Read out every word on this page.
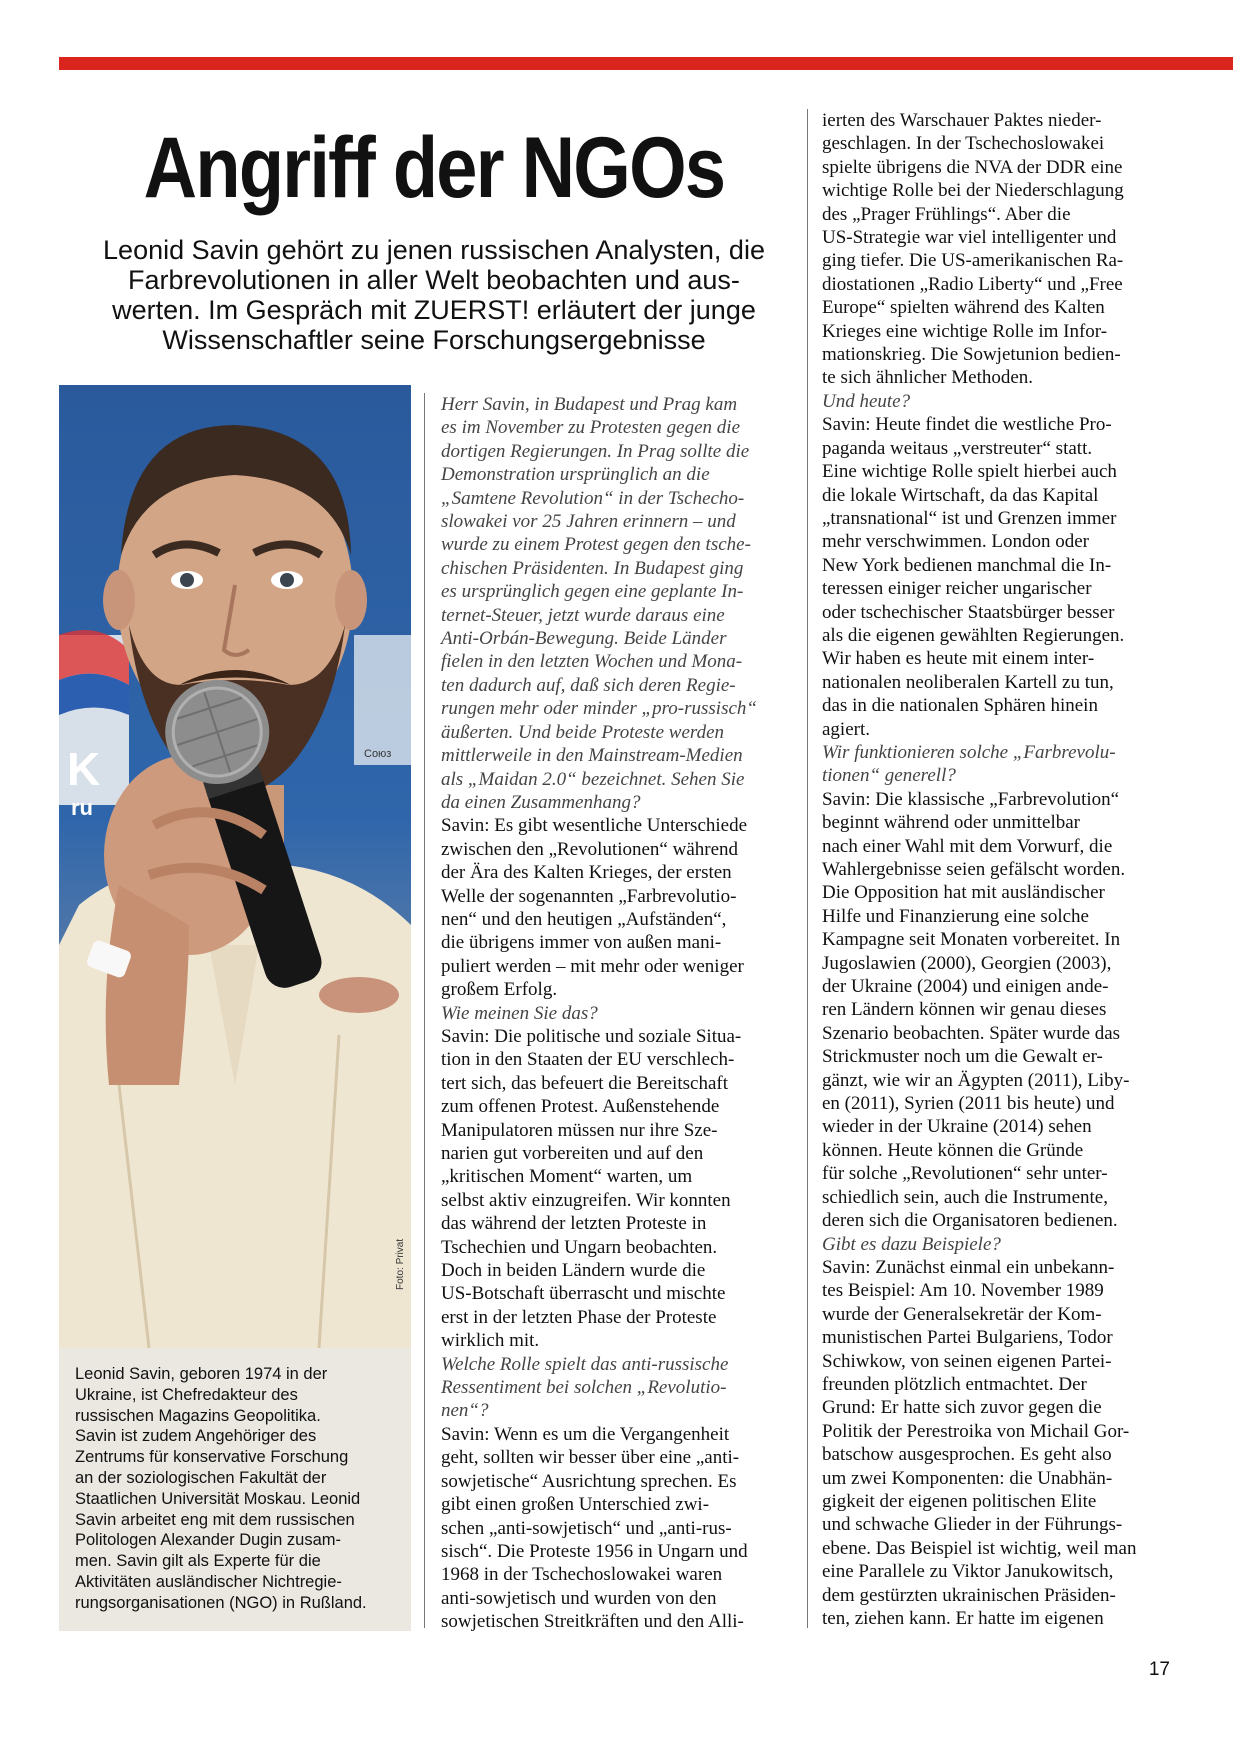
Angriff der NGOs

Leonid Savin gehört zu jenen russischen Analysten, die
Farbrevolutionen in aller Welt beobachten und aus-
werten. Im Gespräch mit ZUERST! erläutert der junge
Wissenschaftler seine Forschungsergebnisse

K
ru
Союз
Foto: Privat
Leonid Savin, geboren 1974 in der
Ukraine, ist Chefredakteur des
russischen Magazins Geopolitika.
Savin ist zudem Angehöriger des
Zentrums für konservative Forschung
an der soziologischen Fakultät der
Staatlichen Universität Moskau. Leonid
Savin arbeitet eng mit dem russischen
Politologen Alexander Dugin zusam-
men. Savin gilt als Experte für die
Aktivitäten ausländischer Nichtregie-
rungsorganisationen (NGO) in Rußland.
Herr Savin, in Budapest und Prag kam
es im November zu Protesten gegen die
dortigen Regierungen. In Prag sollte die
Demonstration ursprünglich an die
„Samtene Revolution“ in der Tschecho-
slowakei vor 25 Jahren erinnern – und
wurde zu einem Protest gegen den tsche-
chischen Präsidenten. In Budapest ging
es ursprünglich gegen eine geplante In-
ternet-Steuer, jetzt wurde daraus eine
Anti-Orbán-Bewegung. Beide Länder
fielen in den letzten Wochen und Mona-
ten dadurch auf, daß sich deren Regie-
rungen mehr oder minder „pro-russisch“
äußerten. Und beide Proteste werden
mittlerweile in den Mainstream-Medien
als „Maidan 2.0“ bezeichnet. Sehen Sie
da einen Zusammenhang?
Savin: Es gibt wesentliche Unterschiede
zwischen den „Revolutionen“ während
der Ära des Kalten Krieges, der ersten
Welle der sogenannten „Farbrevolutio-
nen“ und den heutigen „Aufständen“,
die übrigens immer von außen mani-
puliert werden – mit mehr oder weniger
großem Erfolg.
Wie meinen Sie das?
Savin: Die politische und soziale Situa-
tion in den Staaten der EU verschlech-
tert sich, das befeuert die Bereitschaft
zum offenen Protest. Außenstehende
Manipulatoren müssen nur ihre Sze-
narien gut vorbereiten und auf den
„kritischen Moment“ warten, um
selbst aktiv einzugreifen. Wir konnten
das während der letzten Proteste in
Tschechien und Ungarn beobachten.
Doch in beiden Ländern wurde die
US-Botschaft überrascht und mischte
erst in der letzten Phase der Proteste
wirklich mit.
Welche Rolle spielt das anti-russische
Ressentiment bei solchen „Revolutio-
nen“?
Savin: Wenn es um die Vergangenheit
geht, sollten wir besser über eine „anti-
sowjetische“ Ausrichtung sprechen. Es
gibt einen großen Unterschied zwi-
schen „anti-sowjetisch“ und „anti-rus-
sisch“. Die Proteste 1956 in Ungarn und
1968 in der Tschechoslowakei waren
anti-sowjetisch und wurden von den
sowjetischen Streitkräften und den Alli-
ierten des Warschauer Paktes nieder-
geschlagen. In der Tschechoslowakei
spielte übrigens die NVA der DDR eine
wichtige Rolle bei der Niederschlagung
des „Prager Frühlings“. Aber die
US-Strategie war viel intelligenter und
ging tiefer. Die US-amerikanischen Ra-
diostationen „Radio Liberty“ und „Free
Europe“ spielten während des Kalten
Krieges eine wichtige Rolle im Infor-
mationskrieg. Die Sowjetunion bedien-
te sich ähnlicher Methoden.
Und heute?
Savin: Heute findet die westliche Pro-
paganda weitaus „verstreuter“ statt.
Eine wichtige Rolle spielt hierbei auch
die lokale Wirtschaft, da das Kapital
„transnational“ ist und Grenzen immer
mehr verschwimmen. London oder
New York bedienen manchmal die In-
teressen einiger reicher ungarischer
oder tschechischer Staatsbürger besser
als die eigenen gewählten Regierungen.
Wir haben es heute mit einem inter-
nationalen neoliberalen Kartell zu tun,
das in die nationalen Sphären hinein
agiert.
Wir funktionieren solche „Farbrevolu-
tionen“ generell?
Savin: Die klassische „Farbrevolution“
beginnt während oder unmittelbar
nach einer Wahl mit dem Vorwurf, die
Wahlergebnisse seien gefälscht worden.
Die Opposition hat mit ausländischer
Hilfe und Finanzierung eine solche
Kampagne seit Monaten vorbereitet. In
Jugoslawien (2000), Georgien (2003),
der Ukraine (2004) und einigen ande-
ren Ländern können wir genau dieses
Szenario beobachten. Später wurde das
Strickmuster noch um die Gewalt er-
gänzt, wie wir an Ägypten (2011), Liby-
en (2011), Syrien (2011 bis heute) und
wieder in der Ukraine (2014) sehen
können. Heute können die Gründe
für solche „Revolutionen“ sehr unter-
schiedlich sein, auch die Instrumente,
deren sich die Organisatoren bedienen.
Gibt es dazu Beispiele?
Savin: Zunächst einmal ein unbekann-
tes Beispiel: Am 10. November 1989
wurde der Generalsekretär der Kom-
munistischen Partei Bulgariens, Todor
Schiwkow, von seinen eigenen Partei-
freunden plötzlich entmachtet. Der
Grund: Er hatte sich zuvor gegen die
Politik der Perestroika von Michail Gor-
batschow ausgesprochen. Es geht also
um zwei Komponenten: die Unabhän-
gigkeit der eigenen politischen Elite
und schwache Glieder in der Führungs-
ebene. Das Beispiel ist wichtig, weil man
eine Parallele zu Viktor Janukowitsch,
dem gestürzten ukrainischen Präsiden-
ten, ziehen kann. Er hatte im eigenen
17
